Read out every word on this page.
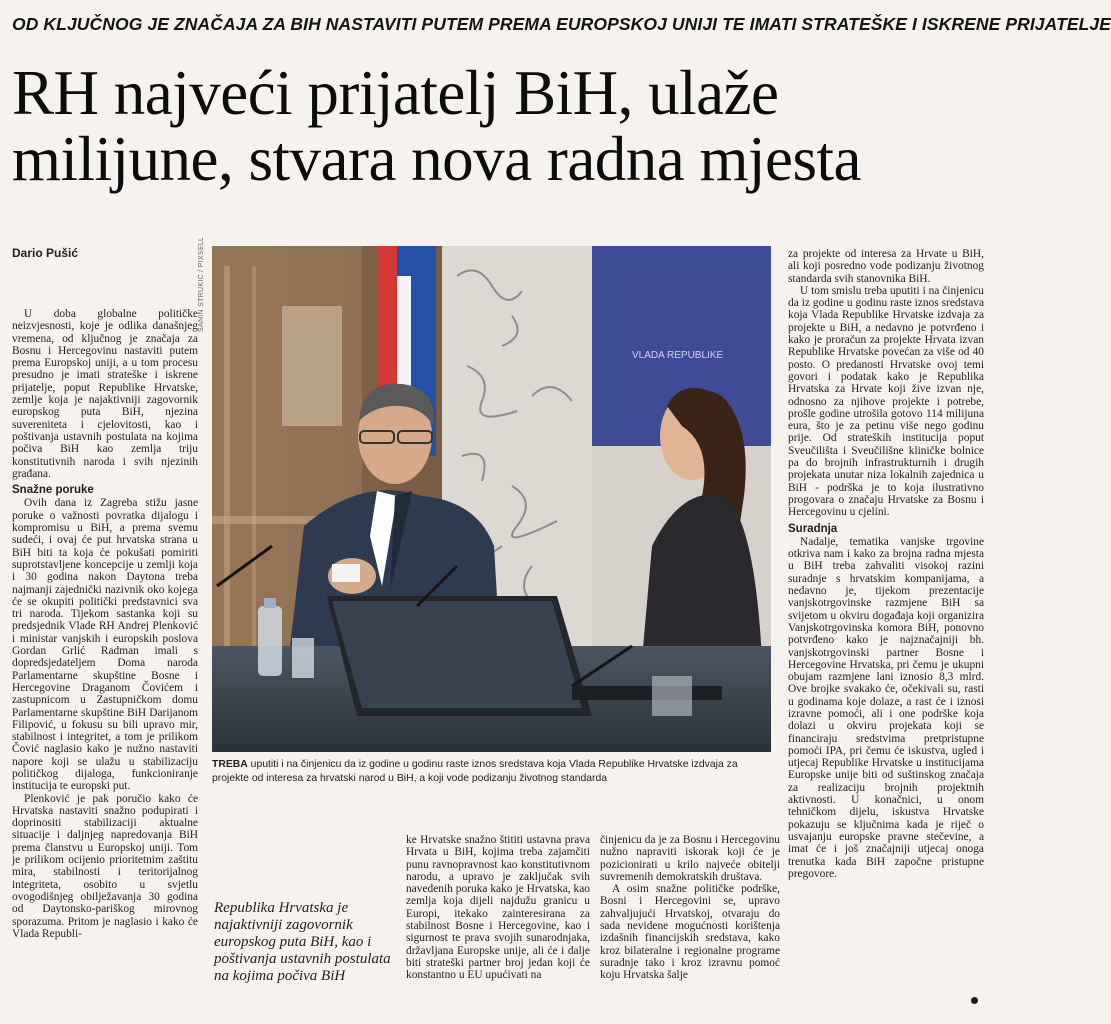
OD KLJUČNOG JE ZNAČAJA ZA BIH NASTAVITI PUTEM PREMA EUROPSKOJ UNIJI TE IMATI STRATEŠKE I ISKRENE PRIJATELJE
RH najveći prijatelj BiH, ulaže
milijune, stvara nova radna mjesta
Dario Pušić

U doba globalne političke neizvjesnosti, koje je odlika današnjeg vremena, od ključnog je značaja za Bosnu i Hercegovinu nastaviti putem prema Europskoj uniji, a u tom procesu presudno je imati strateške i iskrene prijatelje, poput Republike Hrvatske, zemlje koja je najaktivniji zagovornik europskog puta BiH, njezina suvereniteta i cjelovitosti, kao i poštivanja ustavnih postulata na kojima počiva BiH kao zemlja triju konstitutivnih naroda i svih njezinih građana.

Snažne poruke

Ovih dana iz Zagreba stižu jasne poruke o važnosti povratka dijalogu i kompromisu u BiH, a prema svemu sudeći, i ovaj će put hrvatska strana u BiH biti ta koja će pokušati pomiriti suprotstavljene koncepcije u zemlji koja i 30 godina nakon Daytona treba najmanji zajednički nazivnik oko kojega će se okupiti politički predstavnici sva tri naroda. Tijekom sastanka koji su predsjednik Vlade RH Andrej Plenković i ministar vanjskih i europskih poslova Gordan Grlić Radman imali s dopredsjedateljem Doma naroda Parlamentarne skupštine Bosne i Hercegovine Draganom Čovićem i zastupnicom u Zastupničkom domu Parlamentarne skupštine BiH Darijanom Filipović, u fokusu su bili upravo mir, stabilnost i integritet, a tom je prilikom Čović naglasio kako je nužno nastaviti napore koji se ulažu u stabilizaciju političkog dijaloga, funkcioniranje institucija te europski put.

Plenković je pak poručio kako će Hrvatska nastaviti snažno podupirati i doprinositi stabilizaciji aktualne situacije i daljnjeg napredovanja BiH prema članstvu u Europskoj uniji. Tom je prilikom ocijenio prioritetnim zaštitu mira, stabilnosti i teritorijalnog integriteta, osobito u svjetlu ovogodišnjeg obilježavanja 30 godina od Daytonsko-pariškog mirovnog sporazuma. Pritom je naglasio i kako će Vlada Republi-

SANIN STRUKIĆ / PIXSELL
VLADA REPUBLIKE
TREBA uputiti i na činjenicu da iz godine u godinu raste iznos sredstava koja Vlada Republike Hrvatske izdvaja za projekte od interesa za hrvatski narod u BiH, a koji vode podizanju životnog standarda
Republika Hrvatska je najaktivniji zagovornik europskog puta BiH, kao i poštivanja ustavnih postulata na kojima počiva BiH

ke Hrvatske snažno štititi ustavna prava Hrvata u BiH, kojima treba zajamčiti punu ravnopravnost kao konstitutivnom narodu, a upravo je zaključak svih navedenih poruka kako je Hrvatska, kao zemlja koja dijeli najdužu granicu u Europi, itekako zainteresirana za stabilnost Bosne i Hercegovine, kao i sigurnost te prava svojih sunarodnjaka, državljana Europske unije, ali će i dalje biti strateški partner broj jedan koji će konstantno u EU upućivati na

činjenicu da je za Bosnu i Hercegovinu nužno napraviti iskorak koji će je pozicionirati u krilo najveće obitelji suvremenih demokratskih društava.

A osim snažne političke podrške, Bosni i Hercegovini se, upravo zahvaljujući Hrvatskoj, otvaraju do sada nevidene mogućnosti korištenja izdašnih financijskih sredstava, kako kroz bilateralne i regionalne programe suradnje tako i kroz izravnu pomoć koju Hrvatska šalje

za projekte od interesa za Hrvate u BiH, ali koji posredno vode podizanju životnog standarda svih stanovnika BiH.

U tom smislu treba uputiti i na činjenicu da iz godine u godinu raste iznos sredstava koja Vlada Republike Hrvatske izdvaja za projekte u BiH, a nedavno je potvrđeno i kako je proračun za projekte Hrvata izvan Republike Hrvatske povećan za više od 40 posto. O predanosti Hrvatske ovoj temi govori i podatak kako je Republika Hrvatska za Hrvate koji žive izvan nje, odnosno za njihove projekte i potrebe, prošle godine utrošila gotovo 114 milijuna eura, što je za petinu više nego godinu prije. Od strateških institucija poput Sveučilišta i Sveučilišne kliničke bolnice pa do brojnih infrastrukturnih i drugih projekata unutar niza lokalnih zajednica u BiH - podrška je to koja ilustrativno progovara o značaju Hrvatske za Bosnu i Hercegovinu u cjelini.

Suradnja

Nadalje, tematika vanjske trgovine otkriva nam i kako za brojna radna mjesta u BiH treba zahvaliti visokoj razini suradnje s hrvatskim kompanijama, a nedavno je, tijekom prezentacije vanjskotrgovinske razmjene BiH sa svijetom u okviru događaja koji organizira Vanjskotrgovinska komora BiH, ponovno potvrđeno kako je najznačajniji bh. vanjskotrgovinski partner Bosne i Hercegovine Hrvatska, pri čemu je ukupni obujam razmjene lani iznosio 8,3 mlrd. Ove brojke svakako će, očekivali su, rasti u godinama koje dolaze, a rast će i iznosi izravne pomoći, ali i one podrške koja dolazi u okviru projekata koji se financiraju sredstvima pretpristupne pomoći IPA, pri čemu će iskustva, ugled i utjecaj Republike Hrvatske u institucijama Europske unije biti od suštinskog značaja za realizaciju brojnih projektnih aktivnosti. U konačnici, u onom tehničkom dijelu, iskustva Hrvatske pokazuju se ključnima kada je riječ o usvajanju europske pravne stečevine, a imat će i još značajniji utjecaj onoga trenutka kada BiH započne pristupne pregovore.
